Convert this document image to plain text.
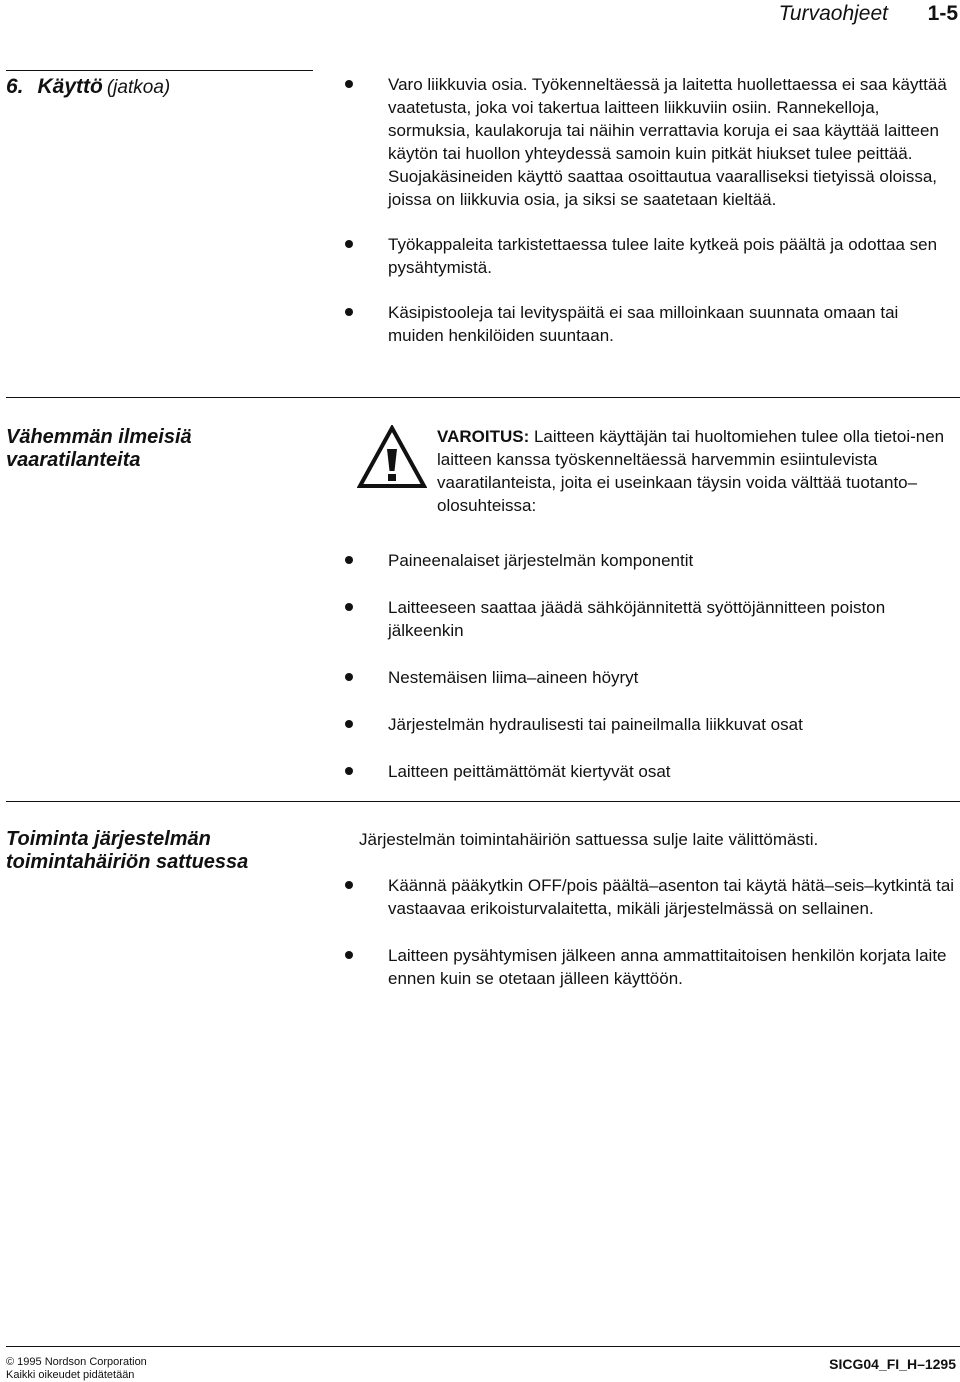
Turvaohjeet 1-5
6. Käyttö (jatkoa)	Varo liikkuvia osia. Työkenneltäessä ja laitetta huollettaessa ei saa käyttää vaatetusta, joka voi takertua laitteen liikkuviin osiin. Rannekelloja, sormuksia, kaulakoruja tai näihin verrattavia koruja ei saa käyttää laitteen käytön tai huollon yhteydessä samoin kuin pitkät hiukset tulee peittää. Suojakäsineiden käyttö saattaa osoittautua vaaralliseksi tietyissä oloissa, joissa on liikkuvia osia, ja siksi se saatetaan kieltää.
Työkappaleita tarkistettaessa tulee laite kytkeä pois päältä ja odottaa sen pysähtymistä.
Käsipistooleja tai levityspäitä ei saa milloinkaan suunnata omaan tai muiden henkilöiden suuntaan.
Vähemmän ilmeisiä
vaaratilanteita
VAROITUS: Laitteen käyttäjän tai huoltomiehen tulee olla tietoi-nen laitteen kanssa työskenneltäessä harvemmin esiintulevista vaaratilanteista, joita ei useinkaan täysin voida välttää tuotanto–olosuhteissa:
Paineenalaiset järjestelmän komponentit
Laitteeseen saattaa jäädä sähköjännitettä syöttöjännitteen poiston jälkeenkin
Nestemäisen liima–aineen höyryt
Järjestelmän hydraulisesti tai paineilmalla liikkuvat osat
Laitteen peittämättömät kiertyvät osat
Toiminta järjestelmän
toimintahäiriön sattuessa
Järjestelmän toimintahäiriön sattuessa sulje laite välittömästi.
Käännä pääkytkin OFF/pois päältä–asenton tai käytä hätä–seis–kytkintä tai vastaavaa erikoisturvalaitetta, mikäli järjestelmässä on sellainen.
Laitteen pysähtymisen jälkeen anna ammattitaitoisen henkilön korjata laite ennen kuin se otetaan jälleen käyttöön.
© 1995 Nordson Corporation
Kaikki oikeudet pidätetään
SICG04_FI_H–1295
